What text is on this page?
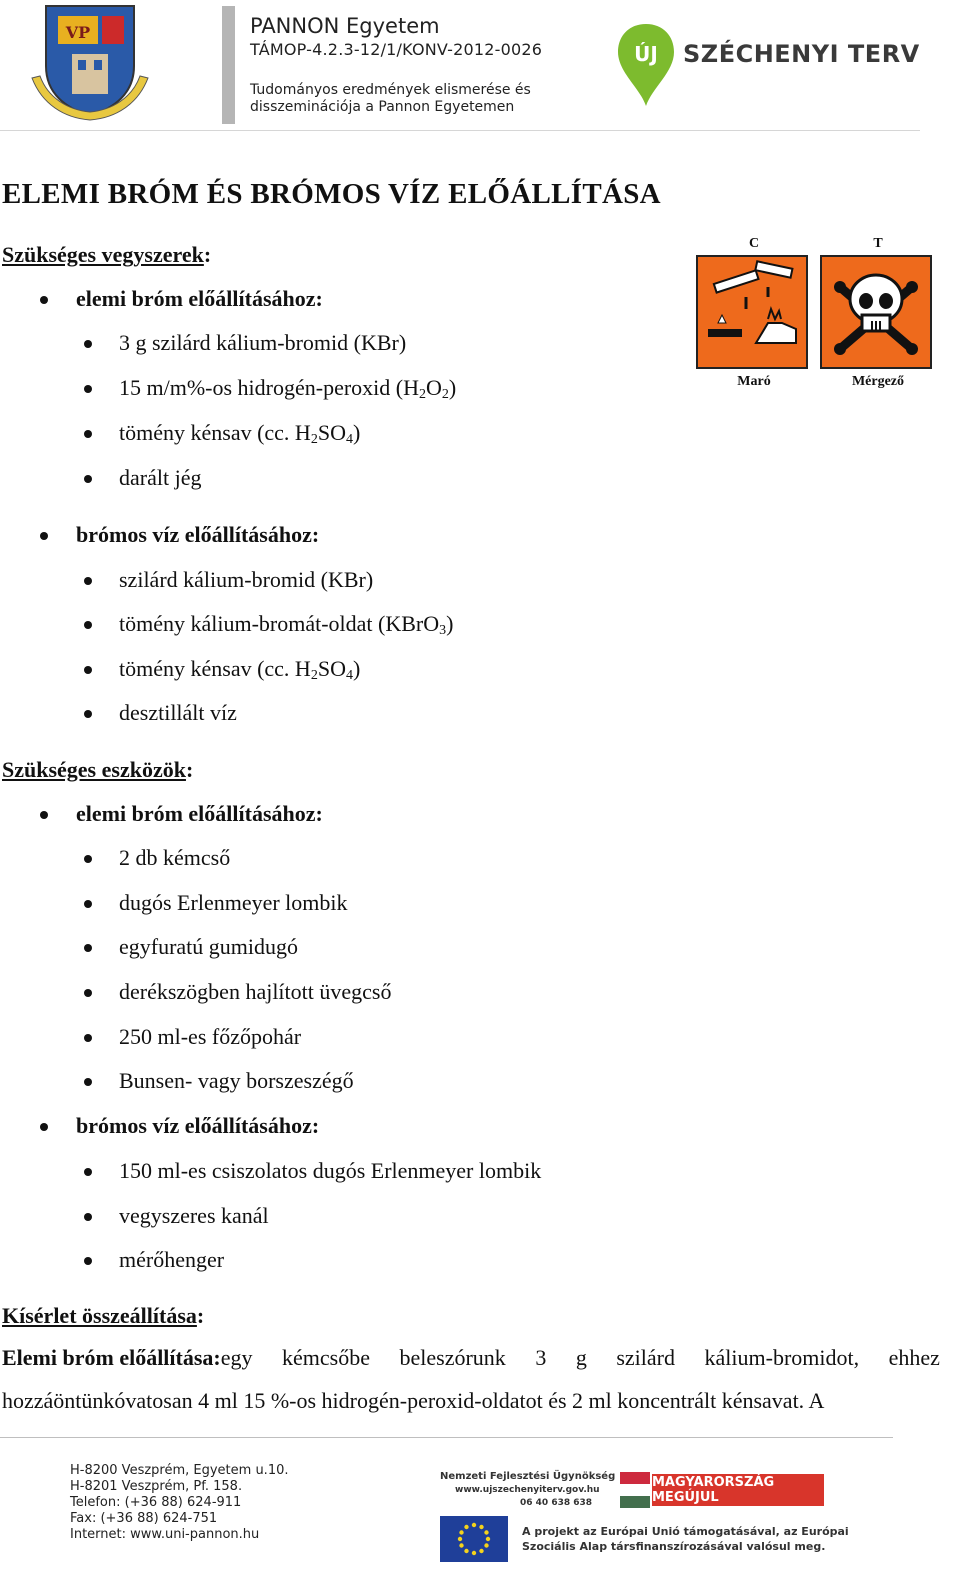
VP	PANNON Egyetem
TÁMOP-4.2.3-12/1/KONV-2012-0026
Tudományos eredmények elismerése és
disszeminációja a Pannon Egyetemen
ÚJ SZÉCHENYI TERV
ELEMI BRÓM ÉS BRÓMOS VÍZ ELŐÁLLÍTÁSA
Szükséges vegyszerek:
elemi bróm előállításához:
3 g szilárd kálium-bromid (KBr)
15 m/m%-os hidrogén-peroxid $(H_2O_2)$
tömény kénsav (cc. $H_2SO_4$)
darált jég
brómos víz előállításához:
szilárd kálium-bromid (KBr)
tömény kálium-bromát-oldat (KBrO$_3$)
tömény kénsav (cc. $H_2SO_4$)
desztillált víz
C
Maró
T
Mérgező
Szükséges eszközök:
elemi bróm előállításához:
2 db kémcső
dugós Erlenmeyer lombik
egyfuratú gumidugó
derékszögben hajlított üvegcső
250 ml-es főzőpohár
Bunsen- vagy borszeszégő
brómos víz előállításához:
150 ml-es csiszolatos dugós Erlenmeyer lombik
vegyszeres kanál
mérőhenger
Kísérlet összeállítása:
Elemi bróm előállítása:egy kémcsőbe beleszórunk 3 g szilárd kálium-bromidot, ehhez
hozzáöntünkóvatosan 4 ml 15 %-os hidrogén-peroxid-oldatot és 2 ml koncentrált kénsavat. A
H-8200 Veszprém, Egyetem u.10.
H-8201 Veszprém, Pf. 158.
Telefon: (+36 88) 624-911
Fax: (+36 88) 624-751
Internet: www.uni-pannon.hu
Nemzeti Fejlesztési Ügynökség
www.ujszechenyiterv.gov.hu
06 40 638 638
MAGYARORSZÁG MEGÚJUL
A projekt az Európai Unió támogatásával, az Európai
Szociális Alap társfinanszírozásával valósul meg.
